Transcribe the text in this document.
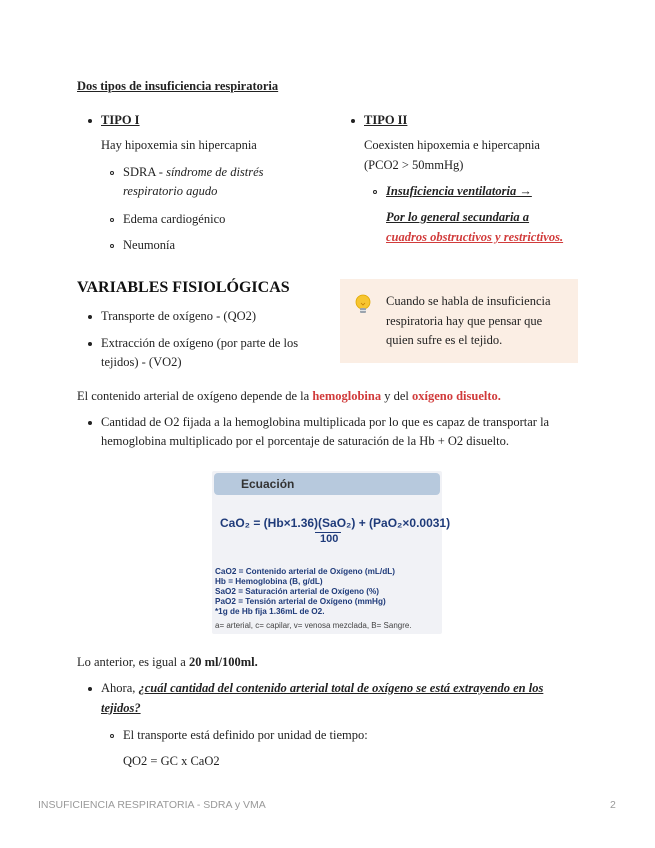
Dos tipos de insuficiencia respiratoria
TIPO I
Hay hipoxemia sin hipercapnia
SDRA - síndrome de distrés
respiratorio agudo
Edema cardiogénico
Neumonía
TIPO II
Coexisten hipoxemia e hipercapnia
(PCO2 > 50mmHg)
Insuficiencia ventilatoria →
Por lo general secundaria a
cuadros obstructivos y restrictivos.
VARIABLES FISIOLÓGICAS
Transporte de oxígeno - (QO2)
Extracción de oxígeno (por parte de los
tejidos) - (VO2)
Cuando se habla de insuficiencia
respiratoria hay que pensar que
quien sufre es el tejido.
El contenido arterial de oxígeno depende de la hemoglobina y del oxígeno disuelto.
Cantidad de O2 fijada a la hemoglobina multiplicada por lo que es capaz de transportar la
hemoglobina multiplicado por el porcentaje de saturación de la Hb + O2 disuelto.
Ecuación
CaO₂ = (Hb×1.36)(SaO₂) + (PaO₂×0.0031)
100
CaO2 = Contenido arterial de Oxígeno (mL/dL)
Hb = Hemoglobina (B, g/dL)
SaO2 = Saturación arterial de Oxígeno (%)
PaO2 = Tensión arterial de Oxígeno (mmHg)
*1g de Hb fija 1.36mL de O2.
a= arterial, c= capilar, v= venosa mezclada, B= Sangre.
Lo anterior, es igual a 20 ml/100ml.
Ahora, ¿cuál cantidad del contenido arterial total de oxígeno se está extrayendo en los
tejidos?
El transporte está definido por unidad de tiempo:
QO2 = GC x CaO2
INSUFICIENCIA RESPIRATORIA - SDRA y VMA	2
